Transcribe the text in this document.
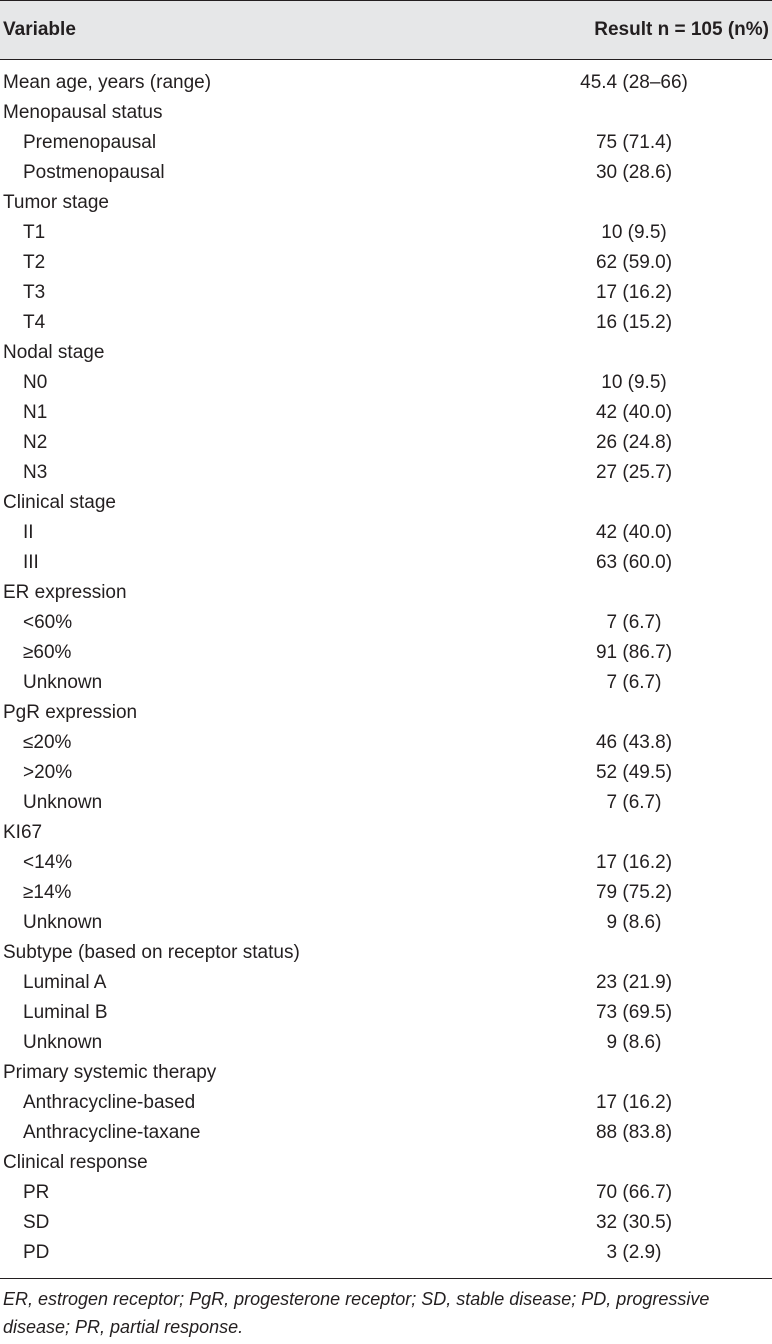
Variable	Result n = 105 (n%)
Mean age, years (range)	45.4 (28–66)
Menopausal status
Premenopausal	75 (71.4)
Postmenopausal	30 (28.6)
Tumor stage
T1	10 (9.5)
T2	62 (59.0)
T3	17 (16.2)
T4	16 (15.2)
Nodal stage
N0	10 (9.5)
N1	42 (40.0)
N2	26 (24.8)
N3	27 (25.7)
Clinical stage
II	42 (40.0)
III	63 (60.0)
ER expression
<60%	7 (6.7)
≥60%	91 (86.7)
Unknown	7 (6.7)
PgR expression
≤20%	46 (43.8)
>20%	52 (49.5)
Unknown	7 (6.7)
KI67
<14%	17 (16.2)
≥14%	79 (75.2)
Unknown	9 (8.6)
Subtype (based on receptor status)
Luminal A	23 (21.9)
Luminal B	73 (69.5)
Unknown	9 (8.6)
Primary systemic therapy
Anthracycline-based	17 (16.2)
Anthracycline-taxane	88 (83.8)
Clinical response
PR	70 (66.7)
SD	32 (30.5)
PD	3 (2.9)
ER, estrogen receptor; PgR, progesterone receptor; SD, stable disease; PD, progressive disease; PR, partial response.
